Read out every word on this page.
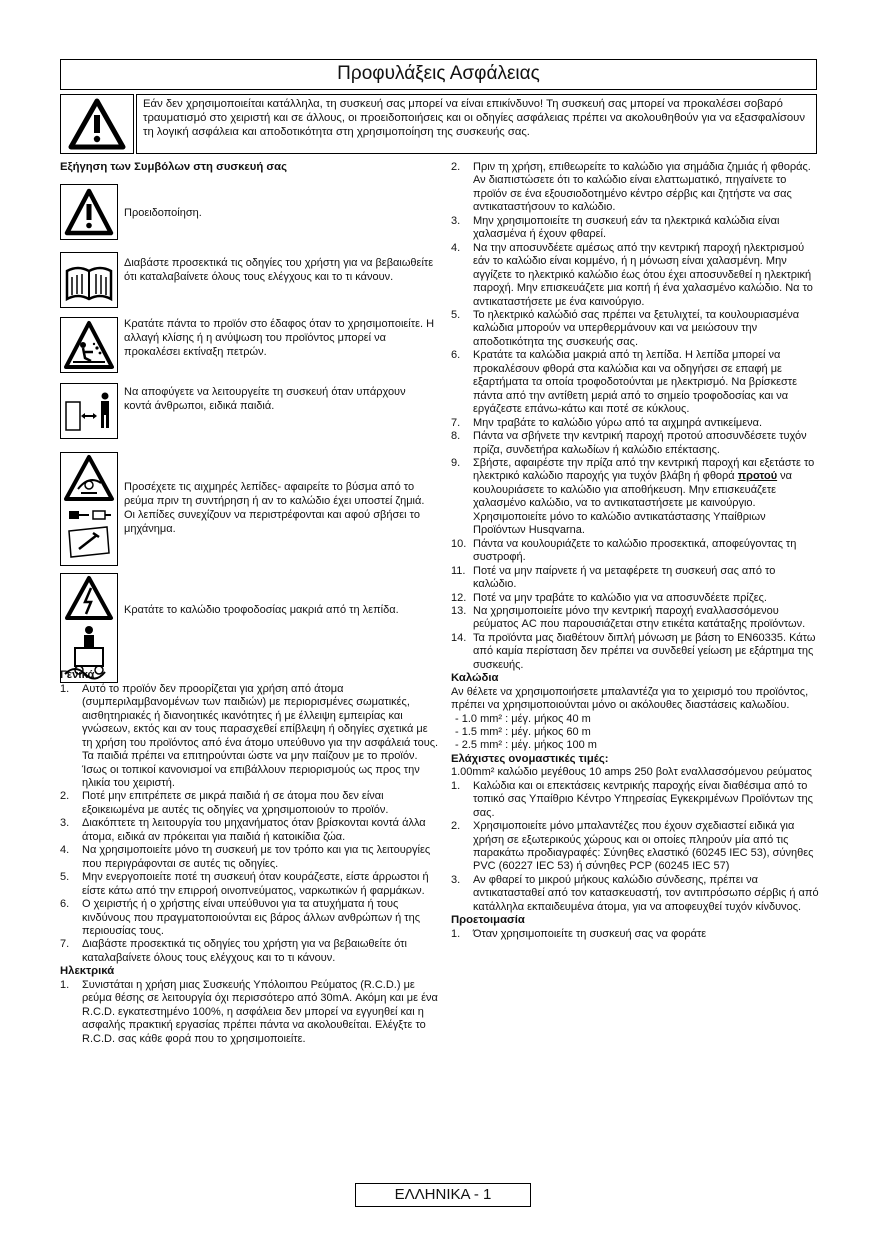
Προφυλάξεις Ασφάλειας
Εάν δεν χρησιμοποιείται κατάλληλα, τη συσκευή σας μπορεί να είναι επικίνδυνο! Τη συσκευή σας μπορεί να προκαλέσει σοβαρό τραυματισμό στο χειριστή και σε άλλους, οι προειδοποιήσεις και οι οδηγίες ασφάλειας πρέπει να ακολουθηθούν για να εξασφαλίσουν τη λογική ασφάλεια και αποδοτικότητα στη χρησιμοποίηση της συσκευής σας.
Εξήγηση των Συμβόλων στη συσκευή σας
Προειδοποίηση.
Διαβάστε προσεκτικά τις οδηγίες του χρήστη για να βεβαιωθείτε ότι καταλαβαίνετε όλους τους ελέγχους και το τι κάνουν.
Κρατάτε πάντα το προϊόν στο έδαφος όταν το χρησιμοποιείτε. Η αλλαγή κλίσης ή η ανύψωση του προϊόντος μπορεί να προκαλέσει εκτίναξη πετρών.
Να αποφύγετε να λειτουργείτε τη συσκευή όταν υπάρχουν κοντά άνθρωποι, ειδικά παιδιά.
Προσέχετε τις αιχμηρές λεπίδες- αφαιρείτε το βύσμα από το ρεύμα πριν τη συντήρηση ή αν το καλώδιο έχει υποστεί ζημιά. Οι λεπίδες συνεχίζουν να περιστρέφονται και αφού σβήσει το μηχάνημα.
Κρατάτε το καλώδιο τροφοδοσίας μακριά από τη λεπίδα.
Γενικά
1. Αυτό το προϊόν δεν προορίζεται για χρήση από άτομα (συμπεριλαμβανομένων των παιδιών) με περιορισμένες σωματικές, αισθητηριακές ή διανοητικές ικανότητες ή με έλλειψη εμπειρίας και γνώσεων, εκτός και αν τους παρασχεθεί επίβλεψη ή οδηγίες σχετικά με τη χρήση του προϊόντος από ένα άτομο υπεύθυνο για την ασφάλειά τους. Τα παιδιά πρέπει να επιτηρούνται ώστε να μην παίζουν με το προϊόν. Ίσως οι τοπικοί κανονισμοί να επιβάλλουν περιορισμούς ως προς την ηλικία του χειριστή.
2. Ποτέ μην επιτρέπετε σε μικρά παιδιά ή σε άτομα που δεν είναι εξοικειωμένα με αυτές τις οδηγίες να χρησιμοποιούν το προϊόν.
3. Διακόπτετε τη λειτουργία του μηχανήματος όταν βρίσκονται κοντά άλλα άτομα, ειδικά αν πρόκειται για παιδιά ή κατοικίδια ζώα.
4. Να χρησιμοποιείτε μόνο τη συσκευή με τον τρόπο και για τις λειτουργίες που περιγράφονται σε αυτές τις οδηγίες.
5. Μην ενεργοποιείτε ποτέ τη συσκευή όταν κουράζεστε, είστε άρρωστοι ή είστε κάτω από την επιρροή οινοπνεύματος, ναρκωτικών ή φαρμάκων.
6. Ο χειριστής ή ο χρήστης είναι υπεύθυνοι για τα ατυχήματα ή τους κινδύνους που πραγματοποιούνται εις βάρος άλλων ανθρώπων ή της περιουσίας τους.
7. Διαβάστε προσεκτικά τις οδηγίες του χρήστη για να βεβαιωθείτε ότι καταλαβαίνετε όλους τους ελέγχους και το τι κάνουν.
Ηλεκτρικά
1. Συνιστάται η χρήση μιας Συσκευής Υπόλοιπου Ρεύματος (R.C.D.) με ρεύμα θέσης σε λειτουργία όχι περισσότερο από 30mA. Ακόμη και με ένα R.C.D. εγκατεστημένο 100%, η ασφάλεια δεν μπορεί να εγγυηθεί και η ασφαλής πρακτική εργασίας πρέπει πάντα να ακολουθείται. Ελέγξτε το R.C.D. σας κάθε φορά που το χρησιμοποιείτε.
2. Πριν τη χρήση, επιθεωρείτε το καλώδιο για σημάδια ζημιάς ή φθοράς. Αν διαπιστώσετε ότι το καλώδιο είναι ελαττωματικό, πηγαίνετε το προϊόν σε ένα εξουσιοδοτημένο κέντρο σέρβις και ζητήστε να σας αντικαταστήσουν το καλώδιο.
3. Μην χρησιμοποιείτε τη συσκευή εάν τα ηλεκτρικά καλώδια είναι χαλασμένα ή έχουν φθαρεί.
4. Να την αποσυνδέετε αμέσως από την κεντρική παροχή ηλεκτρισμού εάν το καλώδιο είναι κομμένο, ή η μόνωση είναι χαλασμένη. Μην αγγίζετε το ηλεκτρικό καλώδιο έως ότου έχει αποσυνδεθεί η ηλεκτρική παροχή. Μην επισκευάζετε μια κοπή ή ένα χαλασμένο καλώδιο. Να το αντικαταστήσετε με ένα καινούργιο.
5. Το ηλεκτρικό καλώδιό σας πρέπει να ξετυλιχτεί, τα κουλουριασμένα καλώδια μπορούν να υπερθερμάνουν και να μειώσουν την αποδοτικότητα της συσκευής σας.
6. Κρατάτε τα καλώδια μακριά από τη λεπίδα. Η λεπίδα μπορεί να προκαλέσουν φθορά στα καλώδια και να οδηγήσει σε επαφή με εξαρτήματα τα οποία τροφοδοτούνται με ηλεκτρισμό. Να βρίσκεστε πάντα από την αντίθετη μεριά από το σημείο τροφοδοσίας και να εργάζεστε επάνω-κάτω και ποτέ σε κύκλους.
7. Μην τραβάτε το καλώδιο γύρω από τα αιχμηρά αντικείμενα.
8. Πάντα να σβήνετε την κεντρική παροχή προτού αποσυνδέσετε τυχόν πρίζα, συνδετήρα καλωδίων ή καλώδιο επέκτασης.
9. Σβήστε, αφαιρέστε την πρίζα από την κεντρική παροχή και εξετάστε το ηλεκτρικό καλώδιο παροχής για τυχόν βλάβη ή φθορά προτού να κουλουριάσετε το καλώδιο για αποθήκευση. Μην επισκευάζετε χαλασμένο καλώδιο, να το αντικαταστήσετε με καινούργιο. Χρησιμοποιείτε μόνο το καλώδιο αντικατάστασης Υπαίθριων Προϊόντων Husqvarna.
10. Πάντα να κουλουριάζετε το καλώδιο προσεκτικά, αποφεύγοντας τη συστροφή.
11. Ποτέ να μην παίρνετε ή να μεταφέρετε τη συσκευή σας από το καλώδιο.
12. Ποτέ να μην τραβάτε το καλώδιο για να αποσυνδέετε πρίζες.
13. Να χρησιμοποιείτε μόνο την κεντρική παροχή εναλλασσόμενου ρεύματος AC που παρουσιάζεται στην ετικέτα κατάταξης προϊόντων.
14. Τα προϊόντα μας διαθέτουν διπλή μόνωση με βάση το EN60335. Κάτω από καμία περίσταση δεν πρέπει να συνδεθεί γείωση με εξάρτημα της συσκευής.
Καλώδια
Αν θέλετε να χρησιμοποιήσετε μπαλαντέζα για το χειρισμό του προϊόντος, πρέπει να χρησιμοποιούνται μόνο οι ακόλουθες διαστάσεις καλωδίου.
- 1.0 mm² : μέγ. μήκος 40 m
- 1.5 mm² : μέγ. μήκος 60 m
- 2.5 mm² : μέγ. μήκος 100 m
Ελάχιστες ονομαστικές τιμές:
1.00mm² καλώδιο μεγέθους 10 amps 250 βολτ εναλλασσόμενου ρεύματος
1. Καλώδια και οι επεκτάσεις κεντρικής παροχής είναι διαθέσιμα από το τοπικό σας Υπαίθριο Κέντρο Υπηρεσίας Εγκεκριμένων Προϊόντων της σας.
2. Χρησιμοποιείτε μόνο μπαλαντέζες που έχουν σχεδιαστεί ειδικά για χρήση σε εξωτερικούς χώρους και οι οποίες πληρούν μία από τις παρακάτω προδιαγραφές: Σύνηθες ελαστικό (60245 IEC 53), σύνηθες PVC (60227 IEC 53) ή σύνηθες PCP (60245 IEC 57)
3. Αν φθαρεί το μικρού μήκους καλώδιο σύνδεσης, πρέπει να αντικατασταθεί από τον κατασκευαστή, τον αντιπρόσωπο σέρβις ή από κατάλληλα εκπαιδευμένα άτομα, για να αποφευχθεί τυχόν κίνδυνος.
Προετοιμασία
1. Όταν χρησιμοποιείτε τη συσκευή σας να φοράτε
ΕΛΛΗΝΙΚΑ - 1
